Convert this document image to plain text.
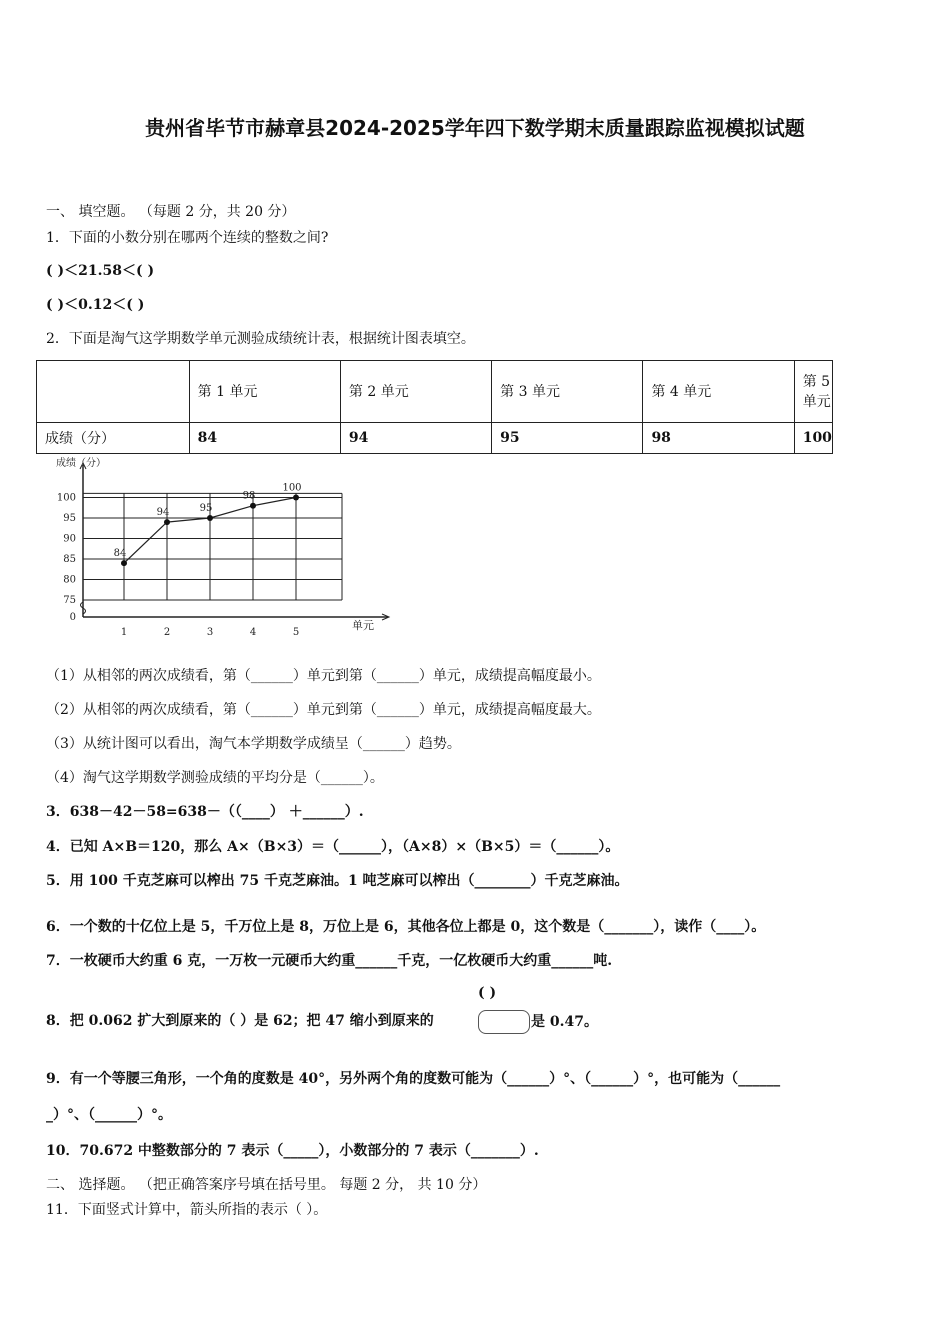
贵州省毕节市赫章县2024-2025学年四下数学期末质量跟踪监视模拟试题
一、 填空题。 （每题 2 分，共 20 分）
1．下面的小数分别在哪两个连续的整数之间?
( )＜21.58＜( )
( )＜0.12＜( )
2．下面是淘气这学期数学单元测验成绩统计表，根据统计图表填空。
	第 1 单元	第 2 单元	第 3 单元	第 4 单元	第 5 单元
成绩（分）	84	94	95	98	100
成绩（分）
单元
0
75
80
85
90
95
100
1	2	3	4	5
84
94	95
98
100
（1）从相邻的两次成绩看，第（______）单元到第（______）单元，成绩提高幅度最小。
（2）从相邻的两次成绩看，第（______）单元到第（______）单元，成绩提高幅度最大。
（3）从统计图可以看出，淘气本学期数学成绩呈（______）趋势。
（4）淘气这学期数学测验成绩的平均分是（______）。
3．638－42－58=638－（（____） ＋______）.
4．已知 A×B＝120，那么 A×（B×3）＝（______），（A×8）×（B×5）＝（______）。
5．用 100 千克芝麻可以榨出 75 千克芝麻油。1 吨芝麻可以榨出（________）千克芝麻油。
6．一个数的十亿位上是 5，千万位上是 8，万位上是 6，其他各位上都是 0，这个数是（_______），读作（____）。
7．一枚硬币大约重 6 克，一万枚一元硬币大约重______千克，一亿枚硬币大约重______吨.
( )
8．把 0.062 扩大到原来的（ ）是 62；把 47 缩小到原来的	是 0.47。
9．有一个等腰三角形，一个角的度数是 40°，另外两个角的度数可能为（______）°、（______）°，也可能为（______
_）°、（______）°。
10．70.672 中整数部分的 7 表示（_____），小数部分的 7 表示（_______）.
二、 选择题。 （把正确答案序号填在括号里。 每题 2 分， 共 10 分）
11．下面竖式计算中，箭头所指的表示（ ）。
